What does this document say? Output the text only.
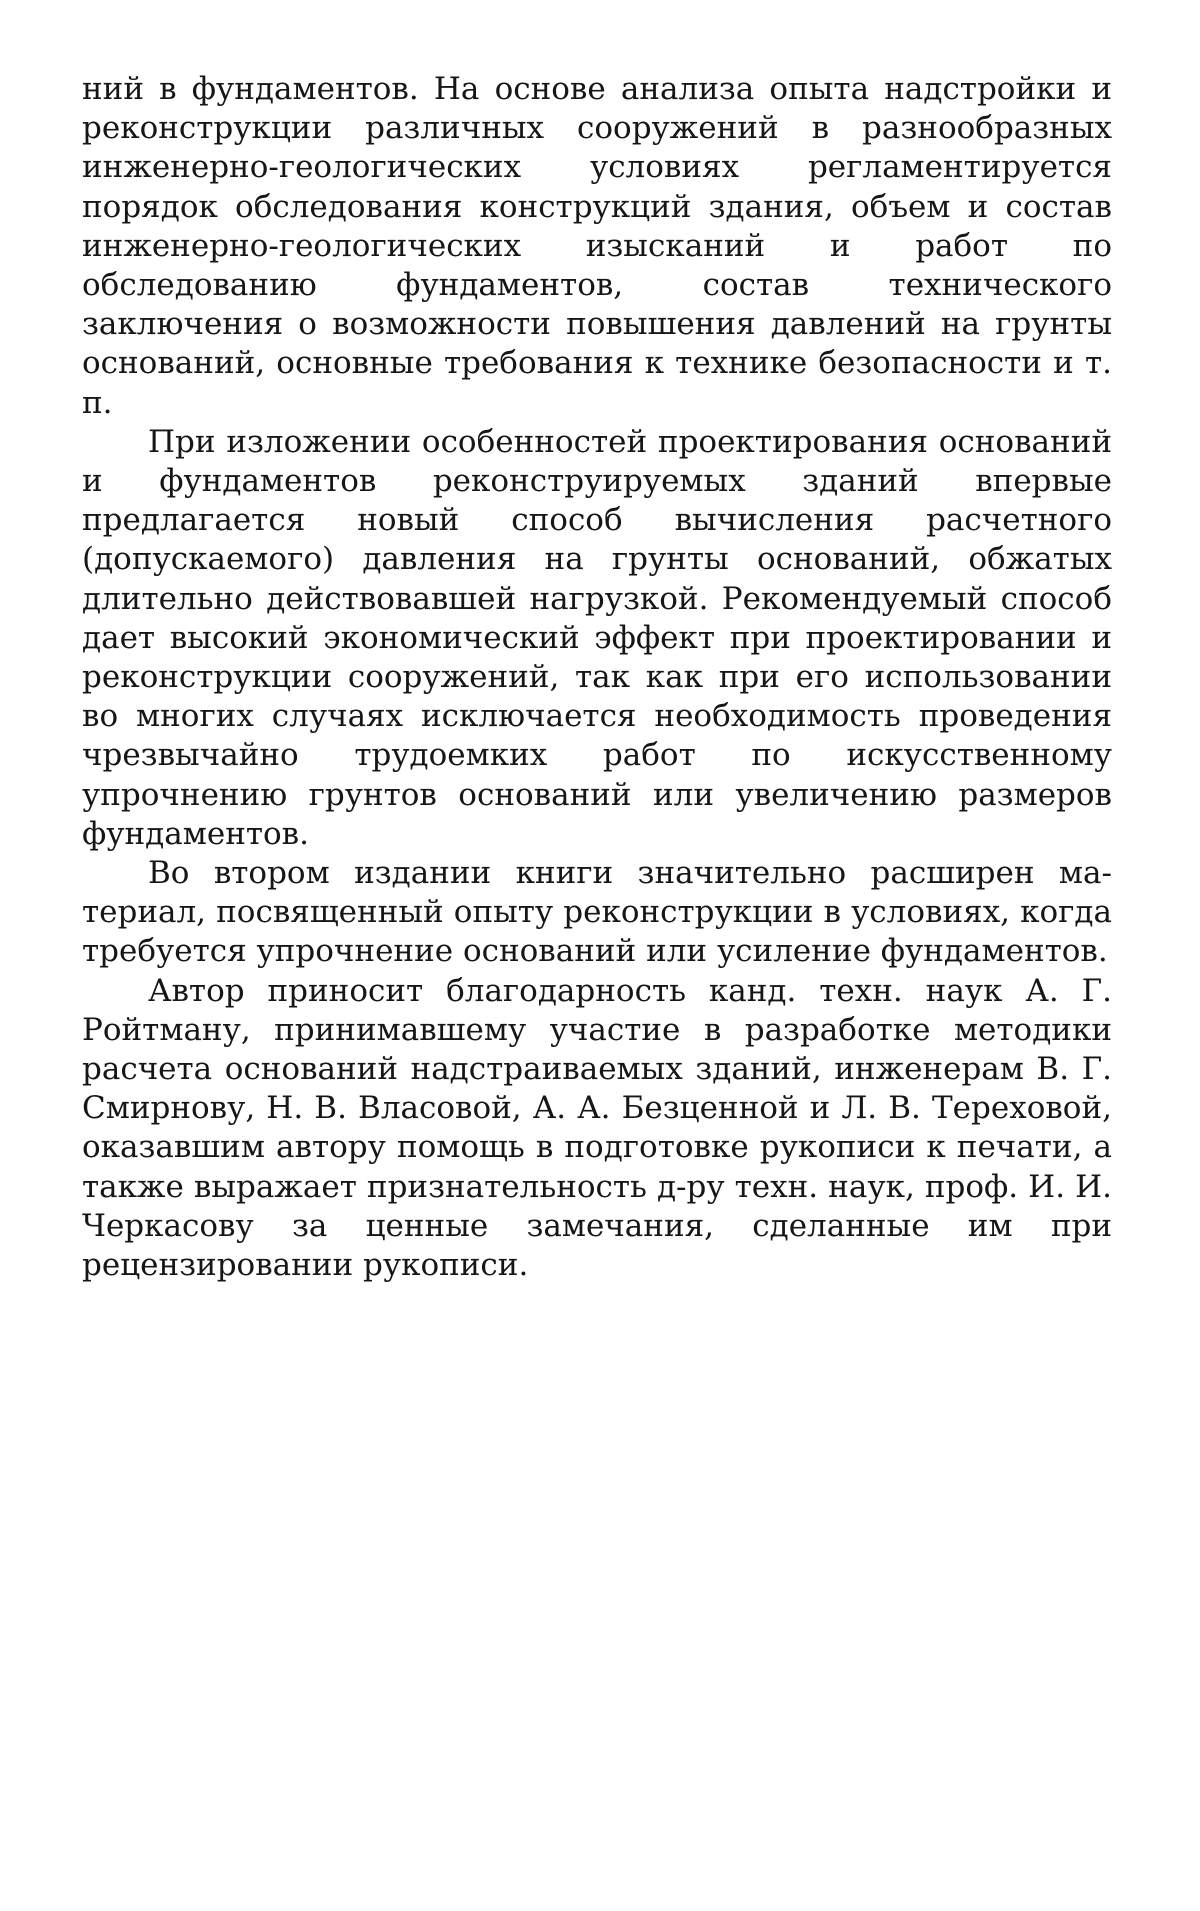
ний в фундаментов. На основе анализа опыта надстройки и реконструкции различных сооружений в разнообразных инженерно-геологических условиях регламентируется порядок обследования конструкций здания, объем и состав инженерно-геологических изысканий и работ по обследованию фундаментов, состав технического заключения о возможности повышения давлений на грунты оснований, основные требования к технике безопасности и т. п.

При изложении особенностей проектирования оснований и фундаментов реконструируемых зданий впервые предлагается новый способ вычисления расчетного (допускаемого) давления на грунты оснований, обжатых длительно действовавшей нагрузкой. Рекомендуемый способ дает высокий экономический эффект при проектировании и реконструкции сооружений, так как при его использовании во многих случаях исключается необходимость проведения чрезвычайно трудоемких работ по искусственному упрочнению грунтов оснований или увеличению размеров фундаментов.

Во втором издании книги значительно расширен материал, посвященный опыту реконструкции в условиях, когда требуется упрочнение оснований или усиление фундаментов.

Автор приносит благодарность канд. техн. наук А. Г. Ройтману, принимавшему участие в разработке методики расчета оснований надстраиваемых зданий, инженерам В. Г. Смирнову, Н. В. Власовой, А. А. Безценной и Л. В. Тереховой, оказавшим автору помощь в подготовке рукописи к печати, а также выражает признательность д-ру техн. наук, проф. И. И. Черкасову за ценные замечания, сделанные им при рецензировании рукописи.
